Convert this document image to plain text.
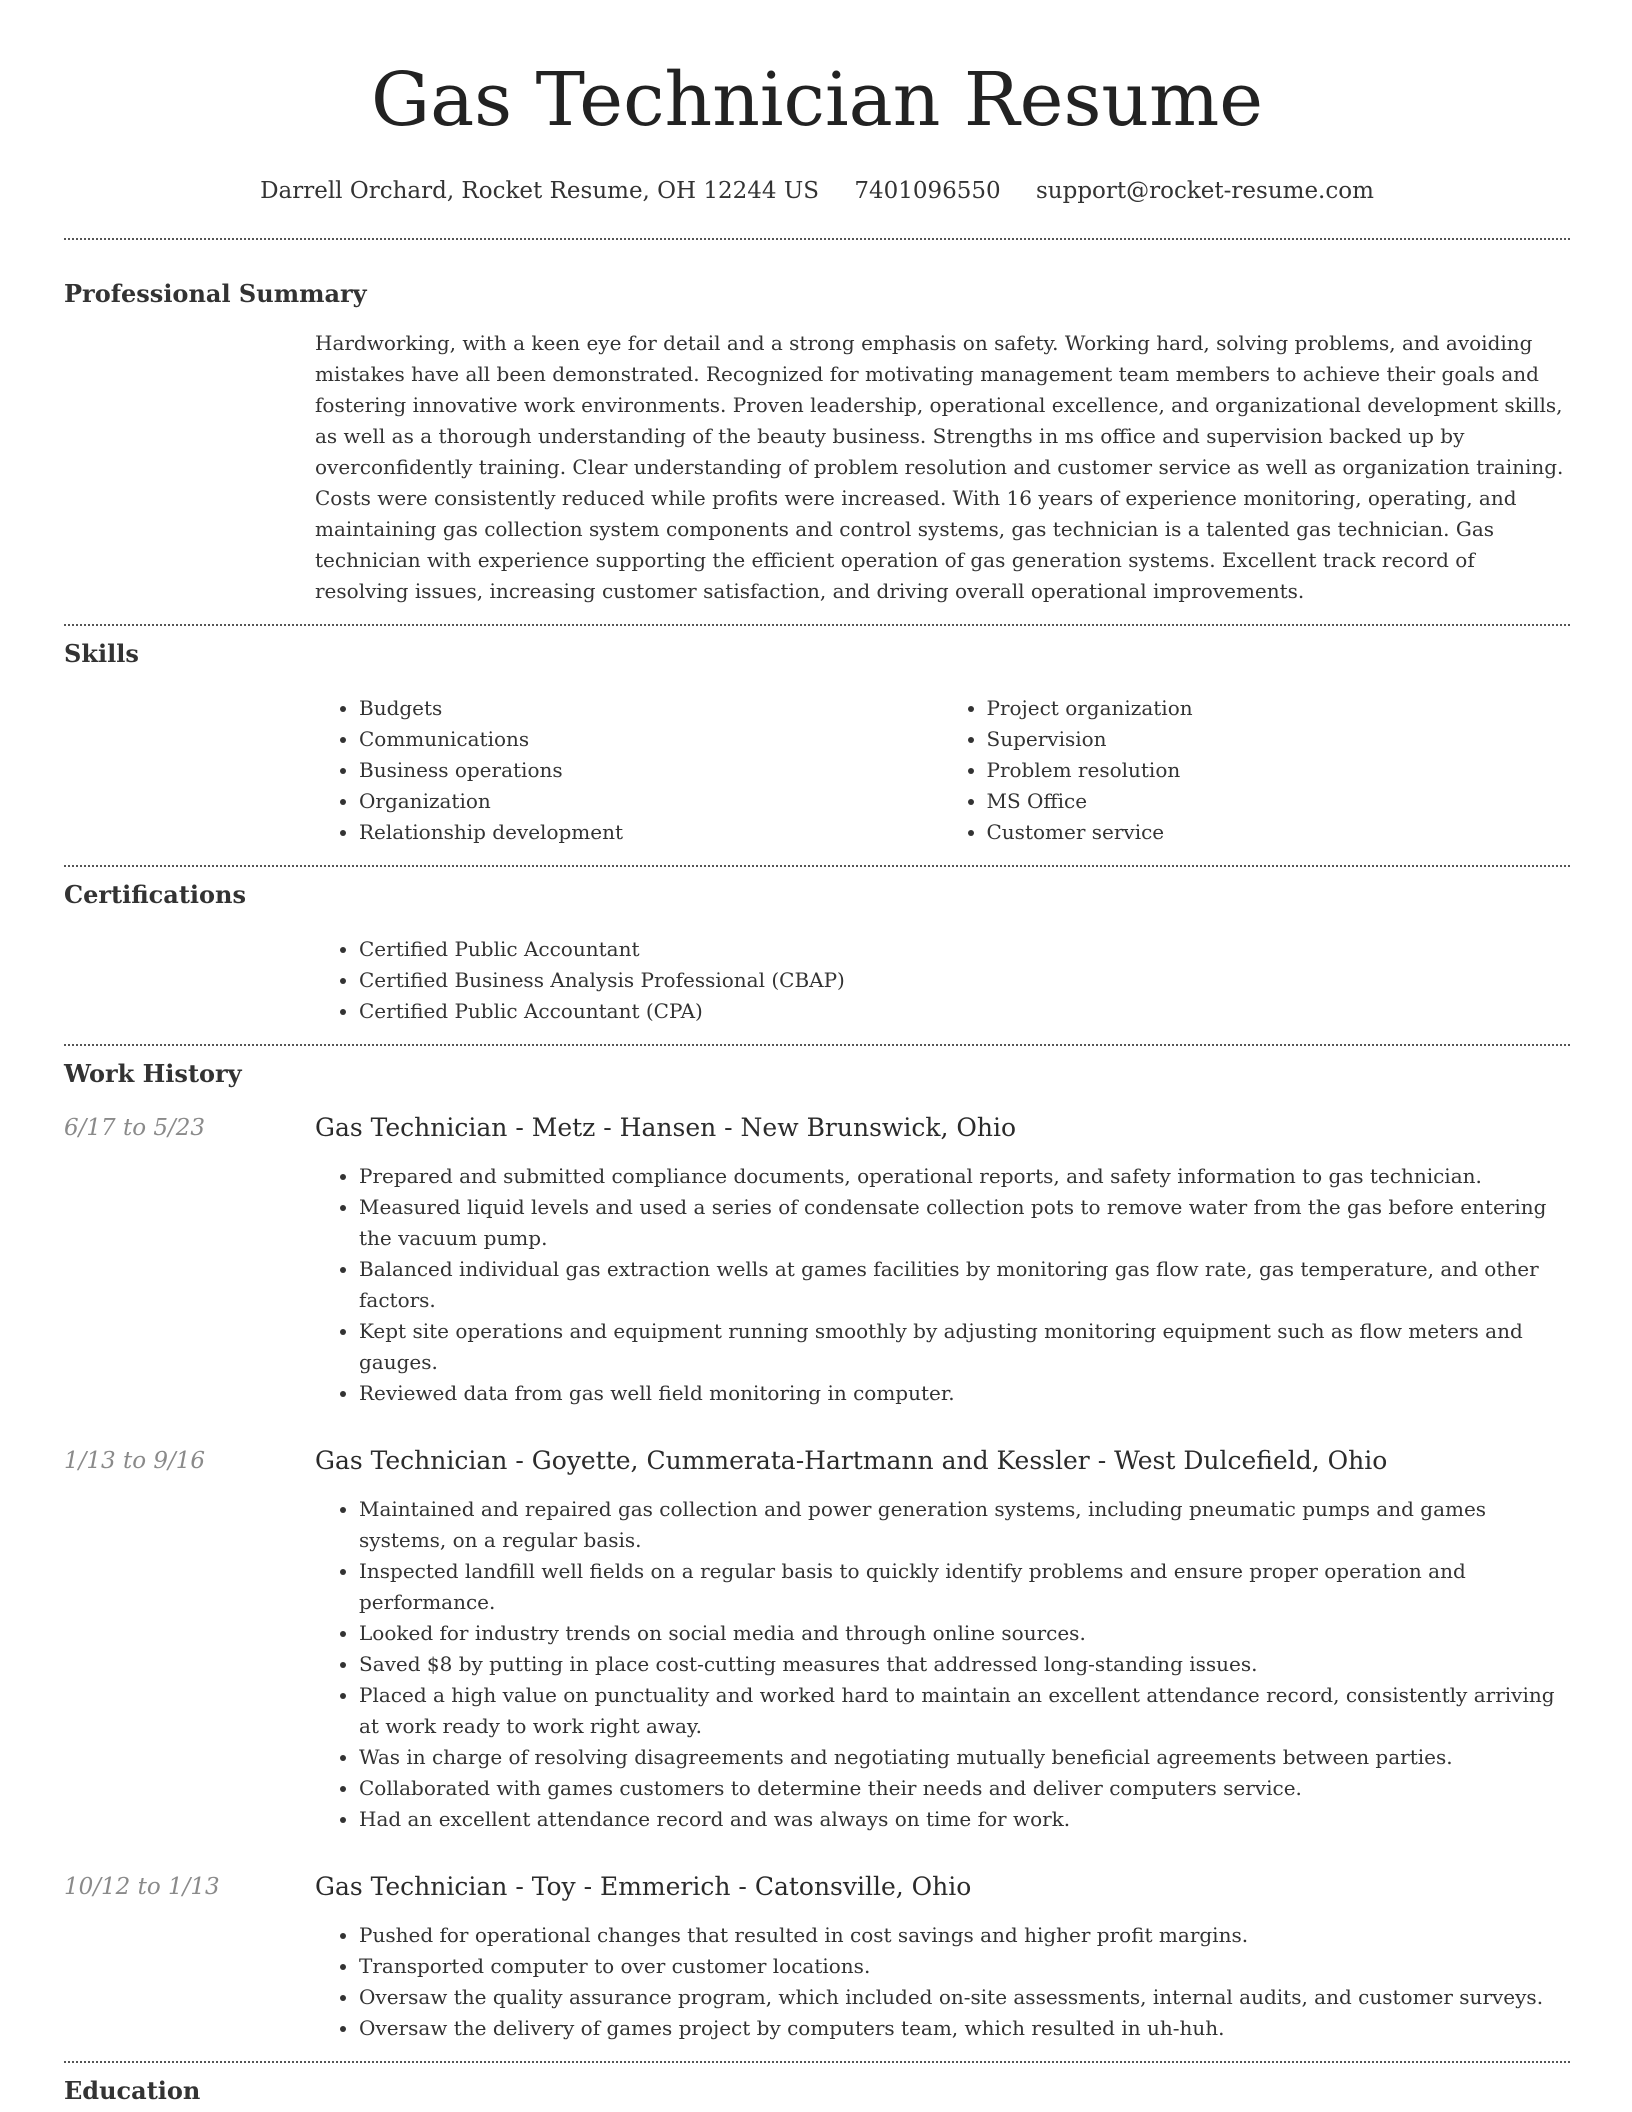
Gas Technician Resume
Darrell Orchard, Rocket Resume, OH 12244 US 7401096550 support@rocket-resume.com
Professional Summary

Hardworking, with a keen eye for detail and a strong emphasis on safety. Working hard, solving problems, and avoiding mistakes have all been demonstrated. Recognized for motivating management team members to achieve their goals and fostering innovative work environments. Proven leadership, operational excellence, and organizational development skills, as well as a thorough understanding of the beauty business. Strengths in ms office and supervision backed up by overconfidently training. Clear understanding of problem resolution and customer service as well as organization training. Costs were consistently reduced while profits were increased. With 16 years of experience monitoring, operating, and maintaining gas collection system components and control systems, gas technician is a talented gas technician. Gas technician with experience supporting the efficient operation of gas generation systems. Excellent track record of resolving issues, increasing customer satisfaction, and driving overall operational improvements.

Skills
• Budgets
• Communications
• Business operations
• Organization
• Relationship development
• Project organization
• Supervision
• Problem resolution
• MS Office
• Customer service
Certifications
• Certified Public Accountant
• Certified Business Analysis Professional (CBAP)
• Certified Public Accountant (CPA)
Work History
6/17 to 5/23	Gas Technician - Metz - Hansen - New Brunswick, Ohio
• Prepared and submitted compliance documents, operational reports, and safety information to gas technician.
• Measured liquid levels and used a series of condensate collection pots to remove water from the gas before entering the vacuum pump.
• Balanced individual gas extraction wells at games facilities by monitoring gas flow rate, gas temperature, and other factors.
• Kept site operations and equipment running smoothly by adjusting monitoring equipment such as flow meters and gauges.
• Reviewed data from gas well field monitoring in computer.
1/13 to 9/16	Gas Technician - Goyette, Cummerata-Hartmann and Kessler - West Dulcefield, Ohio
• Maintained and repaired gas collection and power generation systems, including pneumatic pumps and games systems, on a regular basis.
• Inspected landfill well fields on a regular basis to quickly identify problems and ensure proper operation and performance.
• Looked for industry trends on social media and through online sources.
• Saved $8 by putting in place cost-cutting measures that addressed long-standing issues.
• Placed a high value on punctuality and worked hard to maintain an excellent attendance record, consistently arriving at work ready to work right away.
• Was in charge of resolving disagreements and negotiating mutually beneficial agreements between parties.
• Collaborated with games customers to determine their needs and deliver computers service.
• Had an excellent attendance record and was always on time for work.
10/12 to 1/13	Gas Technician - Toy - Emmerich - Catonsville, Ohio
• Pushed for operational changes that resulted in cost savings and higher profit margins.
• Transported computer to over customer locations.
• Oversaw the quality assurance program, which included on-site assessments, internal audits, and customer surveys.
• Oversaw the delivery of games project by computers team, which resulted in uh-huh.
Education
